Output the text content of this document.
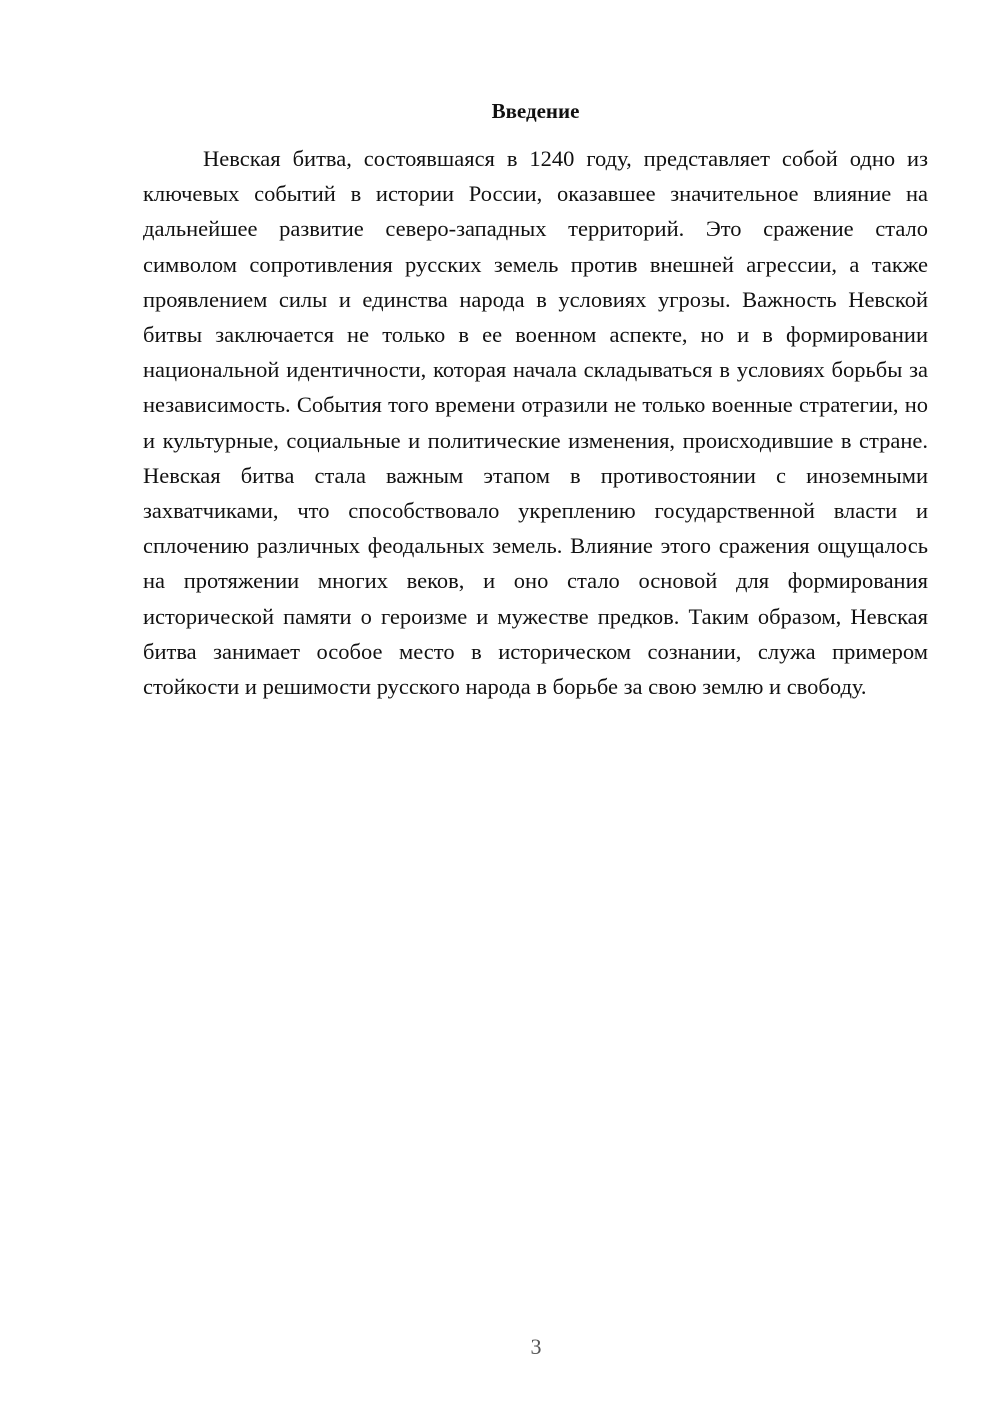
Введение

Невская битва, состоявшаяся в 1240 году, представляет собой одно из ключевых событий в истории России, оказавшее значительное влияние на дальнейшее развитие северо-западных территорий. Это сражение стало символом сопротивления русских земель против внешней агрессии, а также проявлением силы и единства народа в условиях угрозы. Важность Невской битвы заключается не только в ее военном аспекте, но и в формировании национальной идентичности, которая начала складываться в условиях борьбы за независимость. События того времени отразили не только военные стратегии, но и культурные, социальные и политические изменения, происходившие в стране. Невская битва стала важным этапом в противостоянии с иноземными захватчиками, что способствовало укреплению государственной власти и сплочению различных феодальных земель. Влияние этого сражения ощущалось на протяжении многих веков, и оно стало основой для формирования исторической памяти о героизме и мужестве предков. Таким образом, Невская битва занимает особое место в историческом сознании, служа примером стойкости и решимости русского народа в борьбе за свою землю и свободу.

3
